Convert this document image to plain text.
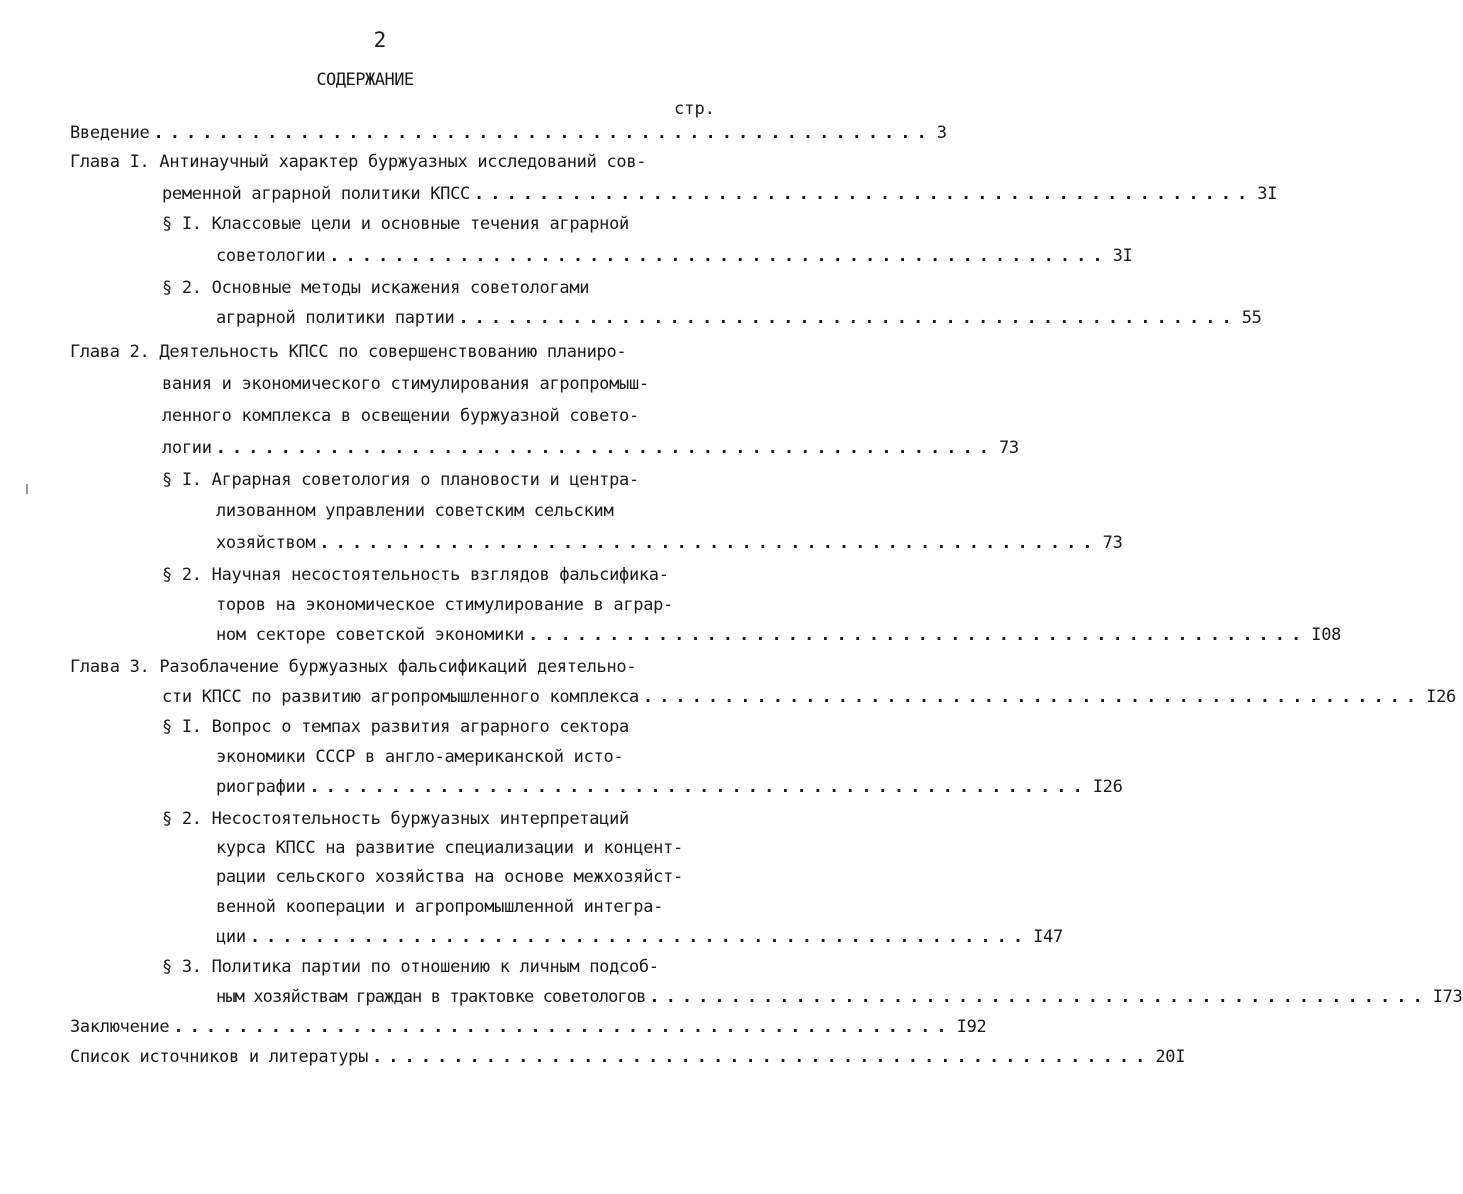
2
СОДЕРЖАНИЕ
стр.
Введение ................................................ 3
Глава I. Антинаучный характер буржуазных исследований сов-
ременной аграрной политики КПСС ................................................ 3I
§ I. Классовые цели и основные течения аграрной
советологии ................................................ 3I
§ 2. Основные методы искажения советологами
аграрной политики партии ................................................ 55
Глава 2. Деятельность КПСС по совершенствованию планиро-
вания и экономического стимулирования агропромыш-
ленного комплекса в освещении буржуазной совето-
логии ................................................ 73
§ I. Аграрная советология о плановости и центра-
лизованном управлении советским сельским
хозяйством ................................................ 73
§ 2. Научная несостоятельность взглядов фальсифика-
торов на экономическое стимулирование в аграр-
ном секторе советской экономики ................................................ I08
Глава 3. Разоблачение буржуазных фальсификаций деятельно-
сти КПСС по развитию агропромышленного комплекса ................................................ I26
§ I. Вопрос о темпах развития аграрного сектора
экономики СССР в англо-американской исто-
риографии ................................................ I26
§ 2. Несостоятельность буржуазных интерпретаций
курса КПСС на развитие специализации и концент-
рации сельского хозяйства на основе межхозяйст-
венной кооперации и агропромышленной интегра-
ции ................................................ I47
§ 3. Политика партии по отношению к личным подсоб-
ным хозяйствам граждан в трактовке советологов ................................................ I73
Заключение ................................................ I92
Список источников и литературы ................................................ 20I
